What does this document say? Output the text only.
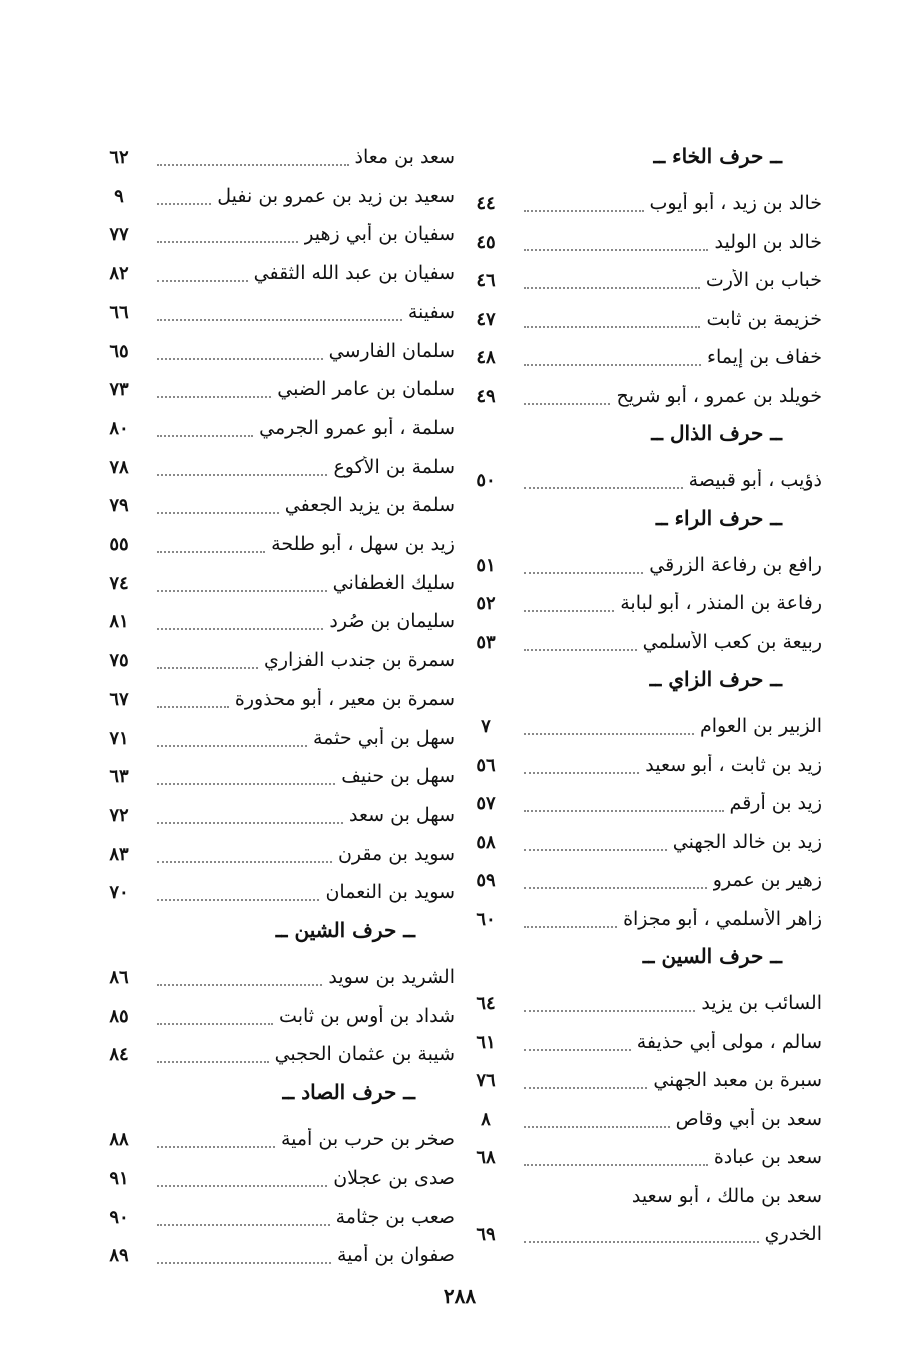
ــ حرف الخاء ــ
خالد بن زيد ، أبو أيوب
٤٤
خالد بن الوليد
٤٥
خباب بن الأرت
٤٦
خزيمة بن ثابت
٤٧
خفاف بن إيماء
٤٨
خويلد بن عمرو ، أبو شريح
٤٩
ــ حرف الذال ــ
ذؤيب ، أبو قبيصة
٥٠
ــ حرف الراء ــ
رافع بن رفاعة الزرقي
٥١
رفاعة بن المنذر ، أبو لبابة
٥٢
ربيعة بن كعب الأسلمي
٥٣
ــ حرف الزاي ــ
الزبير بن العوام
٧
زيد بن ثابت ، أبو سعيد
٥٦
زيد بن أرقم
٥٧
زيد بن خالد الجهني
٥٨
زهير بن عمرو
٥٩
زاهر الأسلمي ، أبو مجزاة
٦٠
ــ حرف السين ــ
السائب بن يزيد
٦٤
سالم ، مولى أبي حذيفة
٦١
سبرة بن معبد الجهني
٧٦
سعد بن أبي وقاص
٨
سعد بن عبادة
٦٨
سعد بن مالك ، أبو سعيد
الخدري
٦٩
سعد بن معاذ
٦٢
سعيد بن زيد بن عمرو بن نفيل
٩
سفيان بن أبي زهير
٧٧
سفيان بن عبد الله الثقفي
٨٢
سفينة
٦٦
سلمان الفارسي
٦٥
سلمان بن عامر الضبي
٧٣
سلمة ، أبو عمرو الجرمي
٨٠
سلمة بن الأكوع
٧٨
سلمة بن يزيد الجعفي
٧٩
زيد بن سهل ، أبو طلحة
٥٥
سليك الغطفاني
٧٤
سليمان بن صُرد
٨١
سمرة بن جندب الفزاري
٧٥
سمرة بن معير ، أبو محذورة
٦٧
سهل بن أبي حثمة
٧١
سهل بن حنيف
٦٣
سهل بن سعد
٧٢
سويد بن مقرن
٨٣
سويد بن النعمان
٧٠
ــ حرف الشين ــ
الشريد بن سويد
٨٦
شداد بن أوس بن ثابت
٨٥
شيبة بن عثمان الحجبي
٨٤
ــ حرف الصاد ــ
صخر بن حرب بن أمية
٨٨
صدى بن عجلان
٩١
صعب بن جثامة
٩٠
صفوان بن أمية
٨٩
٢٨٨
